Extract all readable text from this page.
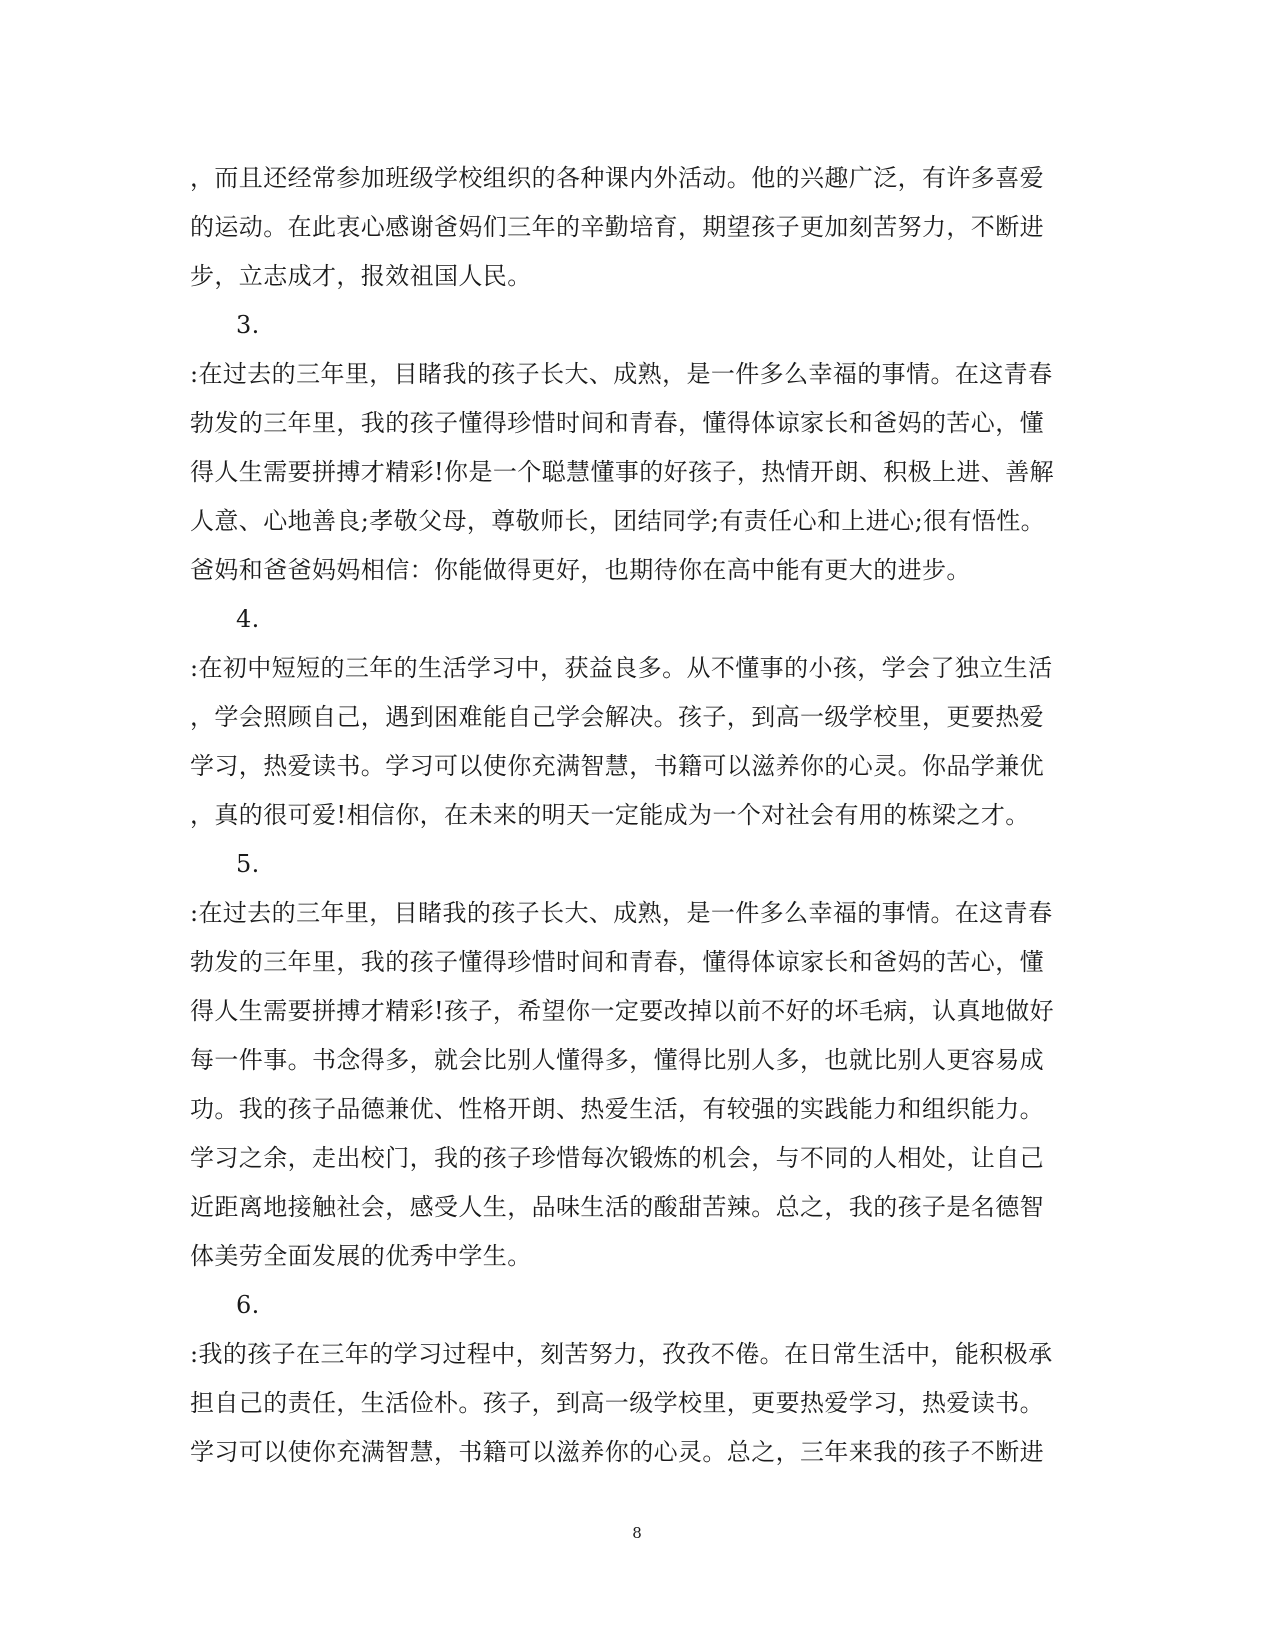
，而且还经常参加班级学校组织的各种课内外活动。他的兴趣广泛，有许多喜爱
的运动。在此衷心感谢爸妈们三年的辛勤培育，期望孩子更加刻苦努力，不断进
步，立志成才，报效祖国人民。
3.
:在过去的三年里，目睹我的孩子长大、成熟，是一件多么幸福的事情。在这青春
勃发的三年里，我的孩子懂得珍惜时间和青春，懂得体谅家长和爸妈的苦心，懂
得人生需要拼搏才精彩!你是一个聪慧懂事的好孩子，热情开朗、积极上进、善解
人意、心地善良;孝敬父母，尊敬师长，团结同学;有责任心和上进心;很有悟性。
爸妈和爸爸妈妈相信：你能做得更好，也期待你在高中能有更大的进步。
4.
:在初中短短的三年的生活学习中，获益良多。从不懂事的小孩，学会了独立生活
，学会照顾自己，遇到困难能自己学会解决。孩子，到高一级学校里，更要热爱
学习，热爱读书。学习可以使你充满智慧，书籍可以滋养你的心灵。你品学兼优
，真的很可爱!相信你，在未来的明天一定能成为一个对社会有用的栋梁之才。
5.
:在过去的三年里，目睹我的孩子长大、成熟，是一件多么幸福的事情。在这青春
勃发的三年里，我的孩子懂得珍惜时间和青春，懂得体谅家长和爸妈的苦心，懂
得人生需要拼搏才精彩!孩子，希望你一定要改掉以前不好的坏毛病，认真地做好
每一件事。书念得多，就会比别人懂得多，懂得比别人多，也就比别人更容易成
功。我的孩子品德兼优、性格开朗、热爱生活，有较强的实践能力和组织能力。
学习之余，走出校门，我的孩子珍惜每次锻炼的机会，与不同的人相处，让自己
近距离地接触社会，感受人生，品味生活的酸甜苦辣。总之，我的孩子是名德智
体美劳全面发展的优秀中学生。
6.
:我的孩子在三年的学习过程中，刻苦努力，孜孜不倦。在日常生活中，能积极承
担自己的责任，生活俭朴。孩子，到高一级学校里，更要热爱学习，热爱读书。
学习可以使你充满智慧，书籍可以滋养你的心灵。总之，三年来我的孩子不断进
8
